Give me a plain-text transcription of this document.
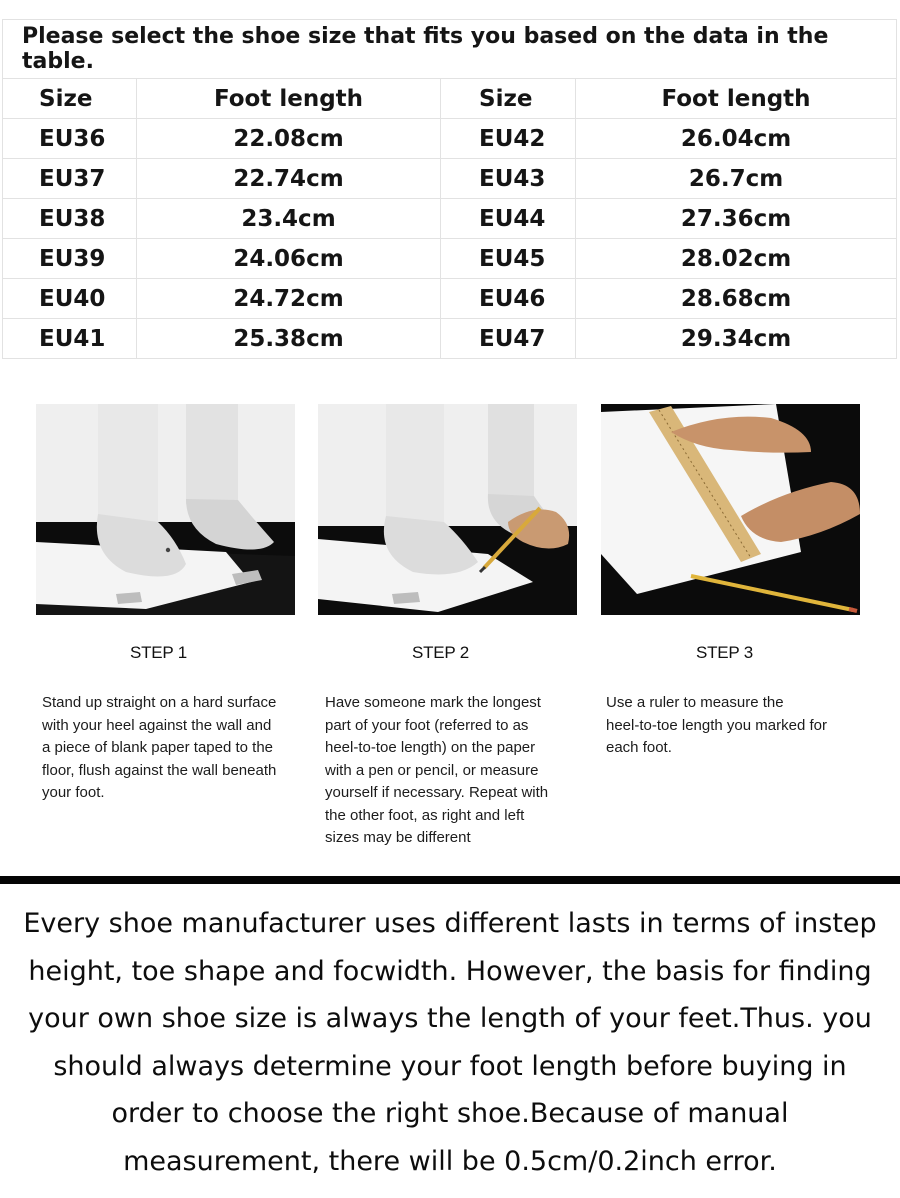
Please select the shoe size that fits you based on the data in the table.			
Size	Foot length	Size	Foot length
EU36	22.08cm	EU42	26.04cm
EU37	22.74cm	EU43	26.7cm
EU38	23.4cm	EU44	27.36cm
EU39	24.06cm	EU45	28.02cm
EU40	24.72cm	EU46	28.68cm
EU41	25.38cm	EU47	29.34cm
STEP 1	STEP 2	STEP 3
Stand up straight on a hard surface
with your heel against the wall and
a piece of blank paper taped to the
floor, flush against the wall beneath
your foot.
Have someone mark the longest
part of your foot (referred to as
heel-to-toe length) on the paper
with a pen or pencil, or measure
yourself if necessary. Repeat with
the other foot, as right and left
sizes may be different
Use a ruler to measure the
heel-to-toe length you marked for
each foot.
Every shoe manufacturer uses different lasts in terms of instep
height, toe shape and focwidth. However, the basis for finding
your own shoe size is always the length of your feet.Thus. you
should always determine your foot length before buying in
order to choose the right shoe.Because of manual
measurement, there will be 0.5cm/0.2inch error.
